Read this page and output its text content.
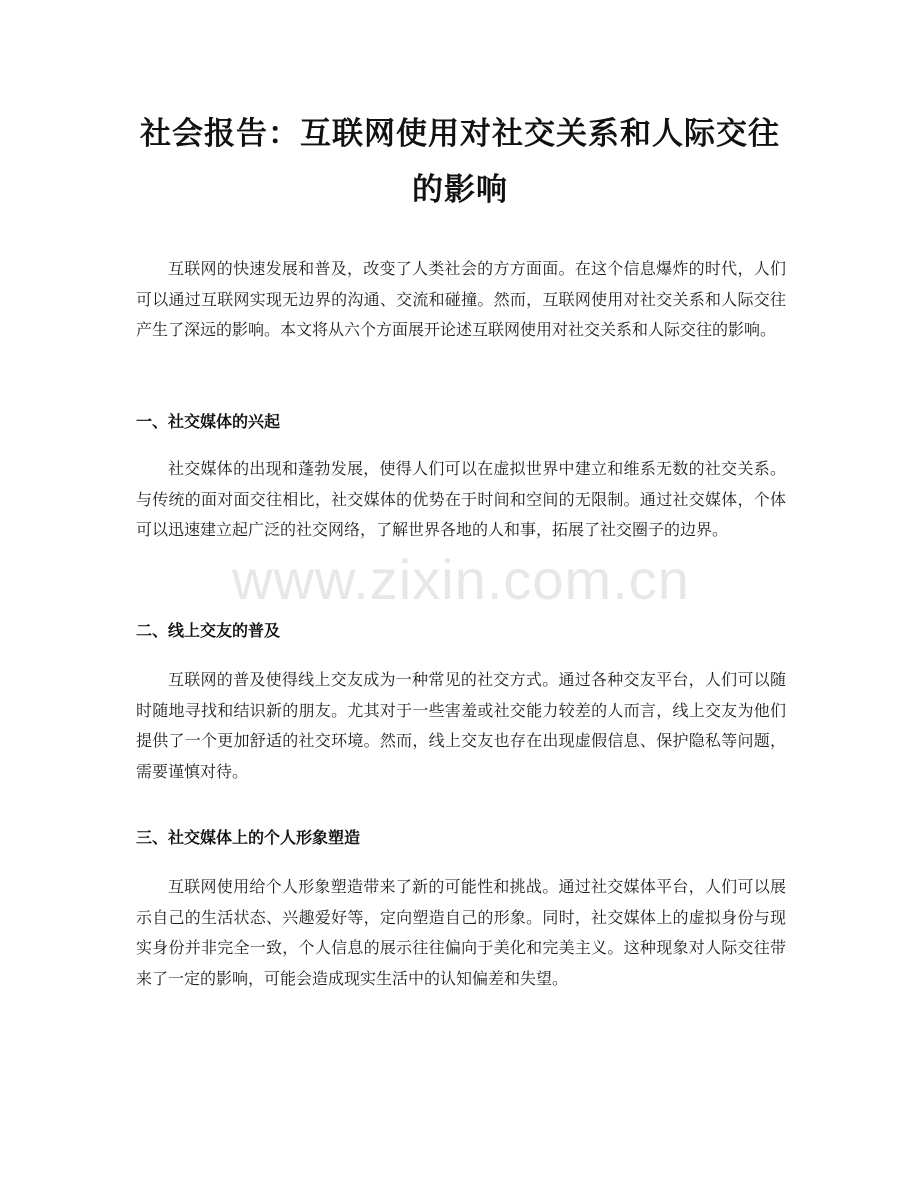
社会报告：互联网使用对社交关系和人际交往的影响

互联网的快速发展和普及，改变了人类社会的方方面面。在这个信息爆炸的时代，人们可以通过互联网实现无边界的沟通、交流和碰撞。然而，互联网使用对社交关系和人际交往产生了深远的影响。本文将从六个方面展开论述互联网使用对社交关系和人际交往的影响。

一、社交媒体的兴起

社交媒体的出现和蓬勃发展，使得人们可以在虚拟世界中建立和维系无数的社交关系。与传统的面对面交往相比，社交媒体的优势在于时间和空间的无限制。通过社交媒体，个体可以迅速建立起广泛的社交网络，了解世界各地的人和事，拓展了社交圈子的边界。

二、线上交友的普及

互联网的普及使得线上交友成为一种常见的社交方式。通过各种交友平台，人们可以随时随地寻找和结识新的朋友。尤其对于一些害羞或社交能力较差的人而言，线上交友为他们提供了一个更加舒适的社交环境。然而，线上交友也存在出现虚假信息、保护隐私等问题，需要谨慎对待。

三、社交媒体上的个人形象塑造

互联网使用给个人形象塑造带来了新的可能性和挑战。通过社交媒体平台，人们可以展示自己的生活状态、兴趣爱好等，定向塑造自己的形象。同时，社交媒体上的虚拟身份与现实身份并非完全一致，个人信息的展示往往偏向于美化和完美主义。这种现象对人际交往带来了一定的影响，可能会造成现实生活中的认知偏差和失望。

www.zixin.com.cn
